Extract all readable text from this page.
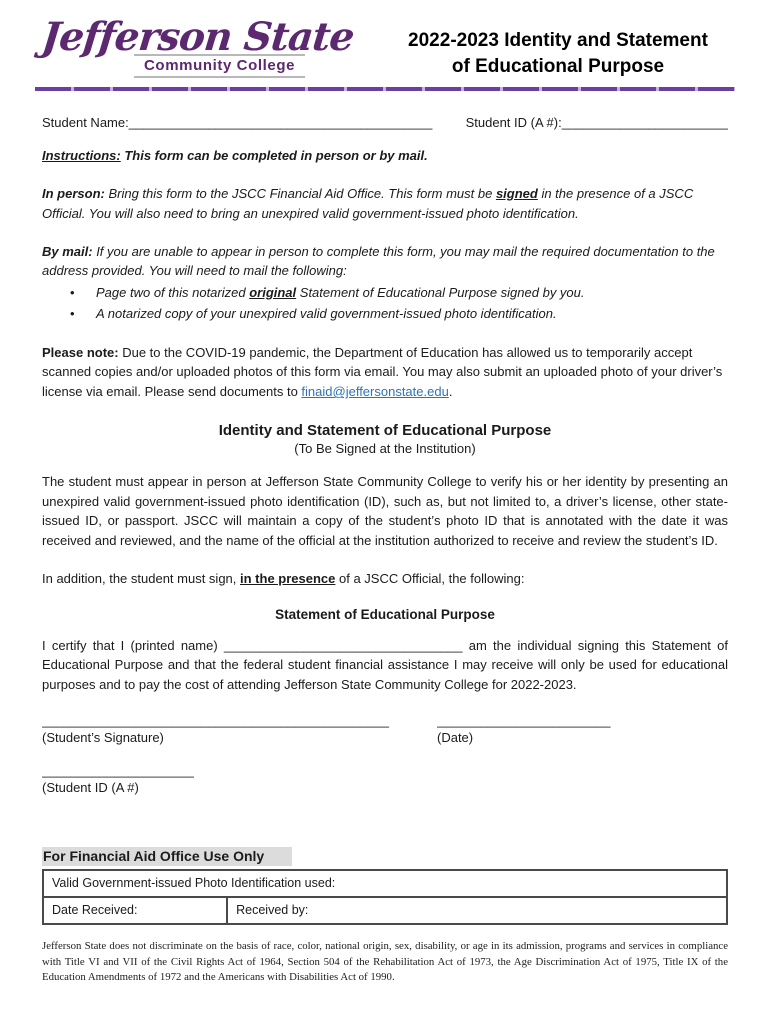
Jefferson State
Community College
2022-2023 Identity and Statement
of Educational Purpose
Student Name:__________________________________________	Student ID (A #):_______________________

Instructions: This form can be completed in person or by mail.

In person: Bring this form to the JSCC Financial Aid Office. This form must be signed in the presence of a JSCC Official. You will also need to bring an unexpired valid government-issued photo identification.

By mail: If you are unable to appear in person to complete this form, you may mail the required documentation to the address provided. You will need to mail the following:

•	Page two of this notarized original Statement of Educational Purpose signed by you.
•	A notarized copy of your unexpired valid government-issued photo identification.

Please note: Due to the COVID-19 pandemic, the Department of Education has allowed us to temporarily accept scanned copies and/or uploaded photos of this form via email. You may also submit an uploaded photo of your driver’s license via email. Please send documents to finaid@jeffersonstate.edu.

Identity and Statement of Educational Purpose
(To Be Signed at the Institution)

The student must appear in person at Jefferson State Community College to verify his or her identity by presenting an unexpired valid government-issued photo identification (ID), such as, but not limited to, a driver’s license, other state-issued ID, or passport. JSCC will maintain a copy of the student’s photo ID that is annotated with the date it was received and reviewed, and the name of the official at the institution authorized to receive and review the student’s ID.

In addition, the student must sign, in the presence of a JSCC Official, the following:

Statement of Educational Purpose

I certify that I (printed name) _________________________________ am the individual signing this Statement of Educational Purpose and that the federal student financial assistance I may receive will only be used for educational purposes and to pay the cost of attending Jefferson State Community College for 2022-2023.

________________________________________________
(Student’s Signature)
________________________
(Date)
_____________________
(Student ID (A #)
For Financial Aid Office Use Only
Valid Government-issued Photo Identification used:
Date Received:	Received by:
Jefferson State does not discriminate on the basis of race, color, national origin, sex, disability, or age in its admission, programs and services in compliance with Title VI and VII of the Civil Rights Act of 1964, Section 504 of the Rehabilitation Act of 1973, the Age Discrimination Act of 1975, Title IX of the Education Amendments of 1972 and the Americans with Disabilities Act of 1990.
